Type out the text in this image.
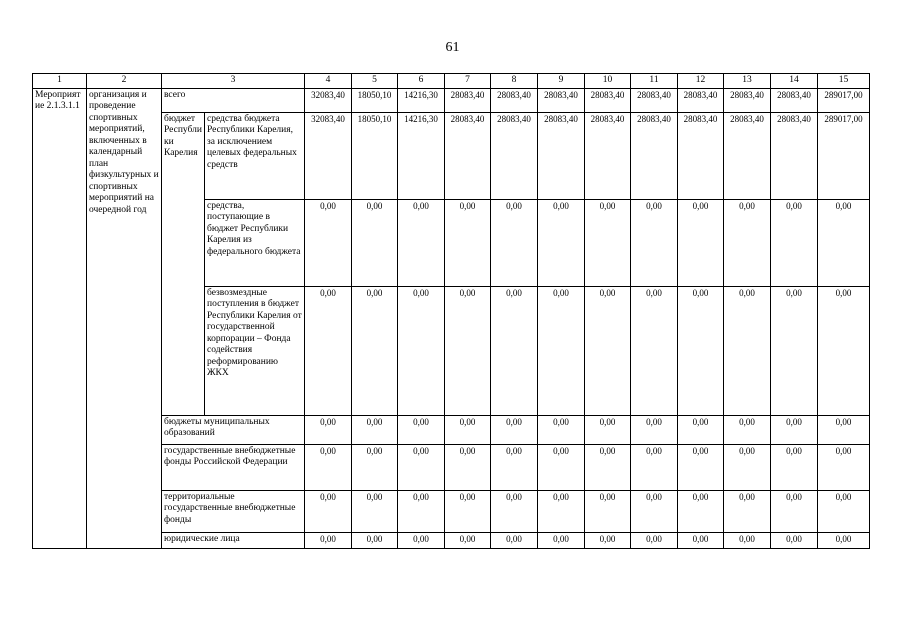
61
1	2	3		4	5	6	7	8	9	10	11	12	13	14	15
Мероприятие 2.1.3.1.1	организация и проведение спортивных мероприятий, включенных в календарный план физкультурных и спортивных мероприятий на очередной год	всего		32083,40	18050,10	14216,30	28083,40	28083,40	28083,40	28083,40	28083,40	28083,40	28083,40	28083,40	289017,00
		бюджет Республики Карелия	средства бюджета Республики Карелия, за исключением целевых федеральных средств	32083,40	18050,10	14216,30	28083,40	28083,40	28083,40	28083,40	28083,40	28083,40	28083,40	28083,40	289017,00
			средства, поступающие в бюджет Республики Карелия из федерального бюджета	0,00	0,00	0,00	0,00	0,00	0,00	0,00	0,00	0,00	0,00	0,00	0,00
			безвозмездные поступления в бюджет Республики Карелия от государственной корпорации – Фонда содействия реформированию ЖКХ	0,00	0,00	0,00	0,00	0,00	0,00	0,00	0,00	0,00	0,00	0,00	0,00
		бюджеты муниципальных образований		0,00	0,00	0,00	0,00	0,00	0,00	0,00	0,00	0,00	0,00	0,00	0,00
		государственные внебюджетные фонды Российской Федерации		0,00	0,00	0,00	0,00	0,00	0,00	0,00	0,00	0,00	0,00	0,00	0,00
		территориальные государственные внебюджетные фонды		0,00	0,00	0,00	0,00	0,00	0,00	0,00	0,00	0,00	0,00	0,00	0,00
		юридические лица		0,00	0,00	0,00	0,00	0,00	0,00	0,00	0,00	0,00	0,00	0,00	0,00
